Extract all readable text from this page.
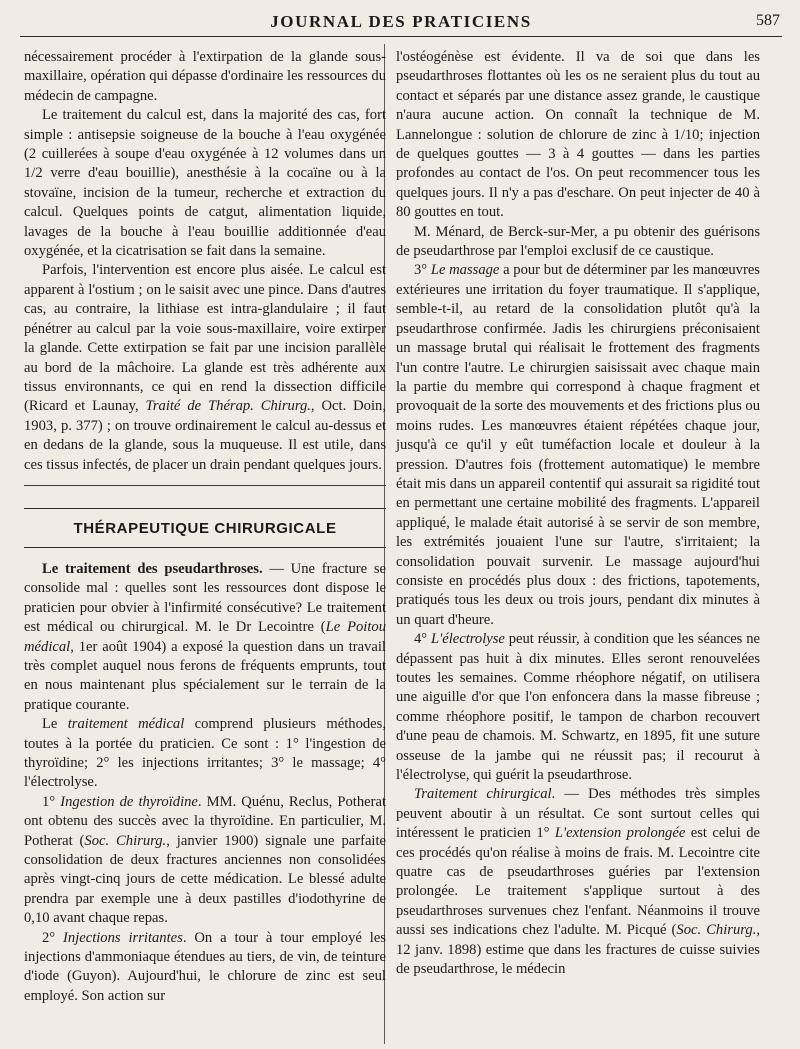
JOURNAL DES PRATICIENS	587

nécessairement procéder à l'extirpation de la glande sous-maxillaire, opération qui dépasse d'ordinaire les ressources du médecin de campagne.

Le traitement du calcul est, dans la majorité des cas, fort simple : antisepsie soigneuse de la bouche à l'eau oxygénée (2 cuillerées à soupe d'eau oxygénée à 12 volumes dans un 1/2 verre d'eau bouillie), anesthésie à la cocaïne ou à la stovaïne, incision de la tumeur, recherche et extraction du calcul. Quelques points de catgut, alimentation liquide, lavages de la bouche à l'eau bouillie additionnée d'eau oxygénée, et la cicatrisation se fait dans la semaine.

Parfois, l'intervention est encore plus aisée. Le calcul est apparent à l'ostium ; on le saisit avec une pince. Dans d'autres cas, au contraire, la lithiase est intra-glandulaire ; il faut pénétrer au calcul par la voie sous-maxillaire, voire extirper la glande. Cette extirpation se fait par une incision parallèle au bord de la mâchoire. La glande est très adhérente aux tissus environnants, ce qui en rend la dissection difficile (Ricard et Launay, Traité de Thérap. Chirurg., Oct. Doin, 1903, p. 377) ; on trouve ordinairement le calcul au-dessus et en dedans de la glande, sous la muqueuse. Il est utile, dans ces tissus infectés, de placer un drain pendant quelques jours.

THÉRAPEUTIQUE CHIRURGICALE

Le traitement des pseudarthroses. — Une fracture se consolide mal : quelles sont les ressources dont dispose le praticien pour obvier à l'infirmité consécutive? Le traitement est médical ou chirurgical. M. le Dr Lecointre (Le Poitou médical, 1er août 1904) a exposé la question dans un travail très complet auquel nous ferons de fréquents emprunts, tout en nous maintenant plus spécialement sur le terrain de la pratique courante.

Le traitement médical comprend plusieurs méthodes, toutes à la portée du praticien. Ce sont : 1° l'ingestion de thyroïdine; 2° les injections irritantes; 3° le massage; 4° l'électrolyse.

1° Ingestion de thyroïdine. MM. Quénu, Reclus, Potherat ont obtenu des succès avec la thyroïdine. En particulier, M. Potherat (Soc. Chirurg., janvier 1900) signale une parfaite consolidation de deux fractures anciennes non consolidées après vingt-cinq jours de cette médication. Le blessé adulte prendra par exemple une à deux pastilles d'iodothyrine de 0,10 avant chaque repas.

2° Injections irritantes. On a tour à tour employé les injections d'ammoniaque étendues au tiers, de vin, de teinture d'iode (Guyon). Aujourd'hui, le chlorure de zinc est seul employé. Son action sur

l'ostéogénèse est évidente. Il va de soi que dans les pseudarthroses flottantes où les os ne seraient plus du tout au contact et séparés par une distance assez grande, le caustique n'aura aucune action. On connaît la technique de M. Lannelongue : solution de chlorure de zinc à 1/10; injection de quelques gouttes — 3 à 4 gouttes — dans les parties profondes au contact de l'os. On peut recommencer tous les quelques jours. Il n'y a pas d'eschare. On peut injecter de 40 à 80 gouttes en tout.

M. Ménard, de Berck-sur-Mer, a pu obtenir des guérisons de pseudarthrose par l'emploi exclusif de ce caustique.

3° Le massage a pour but de déterminer par les manœuvres extérieures une irritation du foyer traumatique. Il s'applique, semble-t-il, au retard de la consolidation plutôt qu'à la pseudarthrose confirmée. Jadis les chirurgiens préconisaient un massage brutal qui réalisait le frottement des fragments l'un contre l'autre. Le chirurgien saisissait avec chaque main la partie du membre qui correspond à chaque fragment et provoquait de la sorte des mouvements et des frictions plus ou moins rudes. Les manœuvres étaient répétées chaque jour, jusqu'à ce qu'il y eût tuméfaction locale et douleur à la pression. D'autres fois (frottement automatique) le membre était mis dans un appareil contentif qui assurait sa rigidité tout en permettant une certaine mobilité des fragments. L'appareil appliqué, le malade était autorisé à se servir de son membre, les extrémités jouaient l'une sur l'autre, s'irritaient; la consolidation pouvait survenir. Le massage aujourd'hui consiste en procédés plus doux : des frictions, tapotements, pratiqués tous les deux ou trois jours, pendant dix minutes à un quart d'heure.

4° L'électrolyse peut réussir, à condition que les séances ne dépassent pas huit à dix minutes. Elles seront renouvelées toutes les semaines. Comme rhéophore négatif, on utilisera une aiguille d'or que l'on enfoncera dans la masse fibreuse ; comme rhéophore positif, le tampon de charbon recouvert d'une peau de chamois. M. Schwartz, en 1895, fit une suture osseuse de la jambe qui ne réussit pas; il recourut à l'électrolyse, qui guérit la pseudarthrose.

Traitement chirurgical. — Des méthodes très simples peuvent aboutir à un résultat. Ce sont surtout celles qui intéressent le praticien 1° L'extension prolongée est celui de ces procédés qu'on réalise à moins de frais. M. Lecointre cite quatre cas de pseudarthroses guéries par l'extension prolongée. Le traitement s'applique surtout à des pseudarthroses survenues chez l'enfant. Néanmoins il trouve aussi ses indications chez l'adulte. M. Picqué (Soc. Chirurg., 12 janv. 1898) estime que dans les fractures de cuisse suivies de pseudarthrose, le médecin
